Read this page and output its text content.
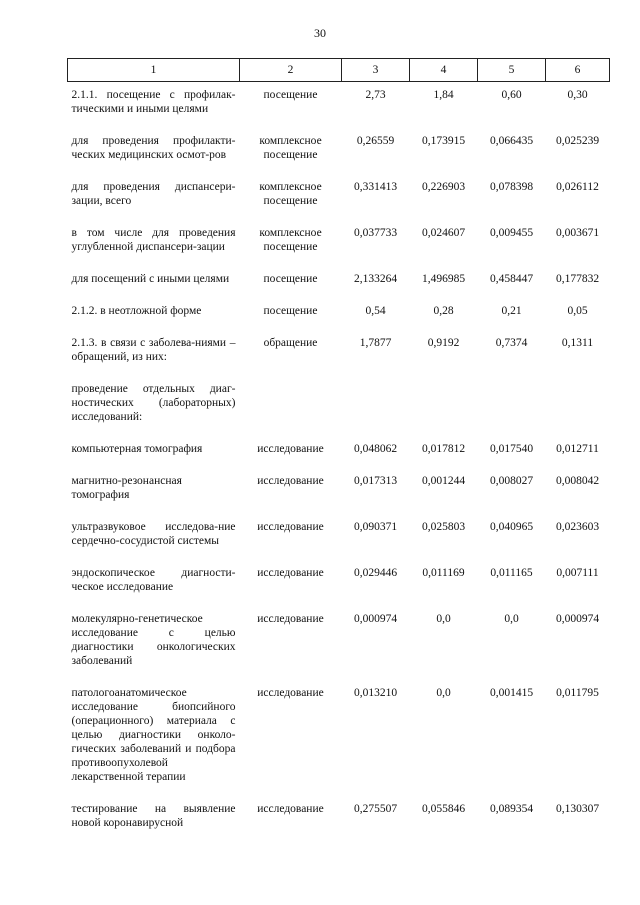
30
1	2	3	4	5	6
2.1.1. посещение с профилак-тическими и иными целями	посещение	2,73	1,84	0,60	0,30
для проведения профилакти-ческих медицинских осмот-ров	комплексное посещение	0,26559	0,173915	0,066435	0,025239
для проведения диспансери-зации, всего	комплексное посещение	0,331413	0,226903	0,078398	0,026112
в том числе для проведения углубленной диспансери-зации	комплексное посещение	0,037733	0,024607	0,009455	0,003671
для посещений с иными целями	посещение	2,133264	1,496985	0,458447	0,177832
2.1.2. в неотложной форме	посещение	0,54	0,28	0,21	0,05
2.1.3. в связи с заболева-ниями – обращений, из них:	обращение	1,7877	0,9192	0,7374	0,1311
проведение отдельных диаг-ностических (лабораторных) исследований:					
компьютерная томография	исследование	0,048062	0,017812	0,017540	0,012711
магнитно-резонансная томография	исследование	0,017313	0,001244	0,008027	0,008042
ультразвуковое исследова-ние сердечно-сосудистой системы	исследование	0,090371	0,025803	0,040965	0,023603
эндоскопическое диагности-ческое исследование	исследование	0,029446	0,011169	0,011165	0,007111
молекулярно-генетическое исследование с целью диагностики онкологических заболеваний	исследование	0,000974	0,0	0,0	0,000974
патологоанатомическое исследование биопсийного (операционного) материала с целью диагностики онколо-гических заболеваний и подбора противоопухолевой лекарственной терапии	исследование	0,013210	0,0	0,001415	0,011795
тестирование на выявление новой коронавирусной	исследование	0,275507	0,055846	0,089354	0,130307
